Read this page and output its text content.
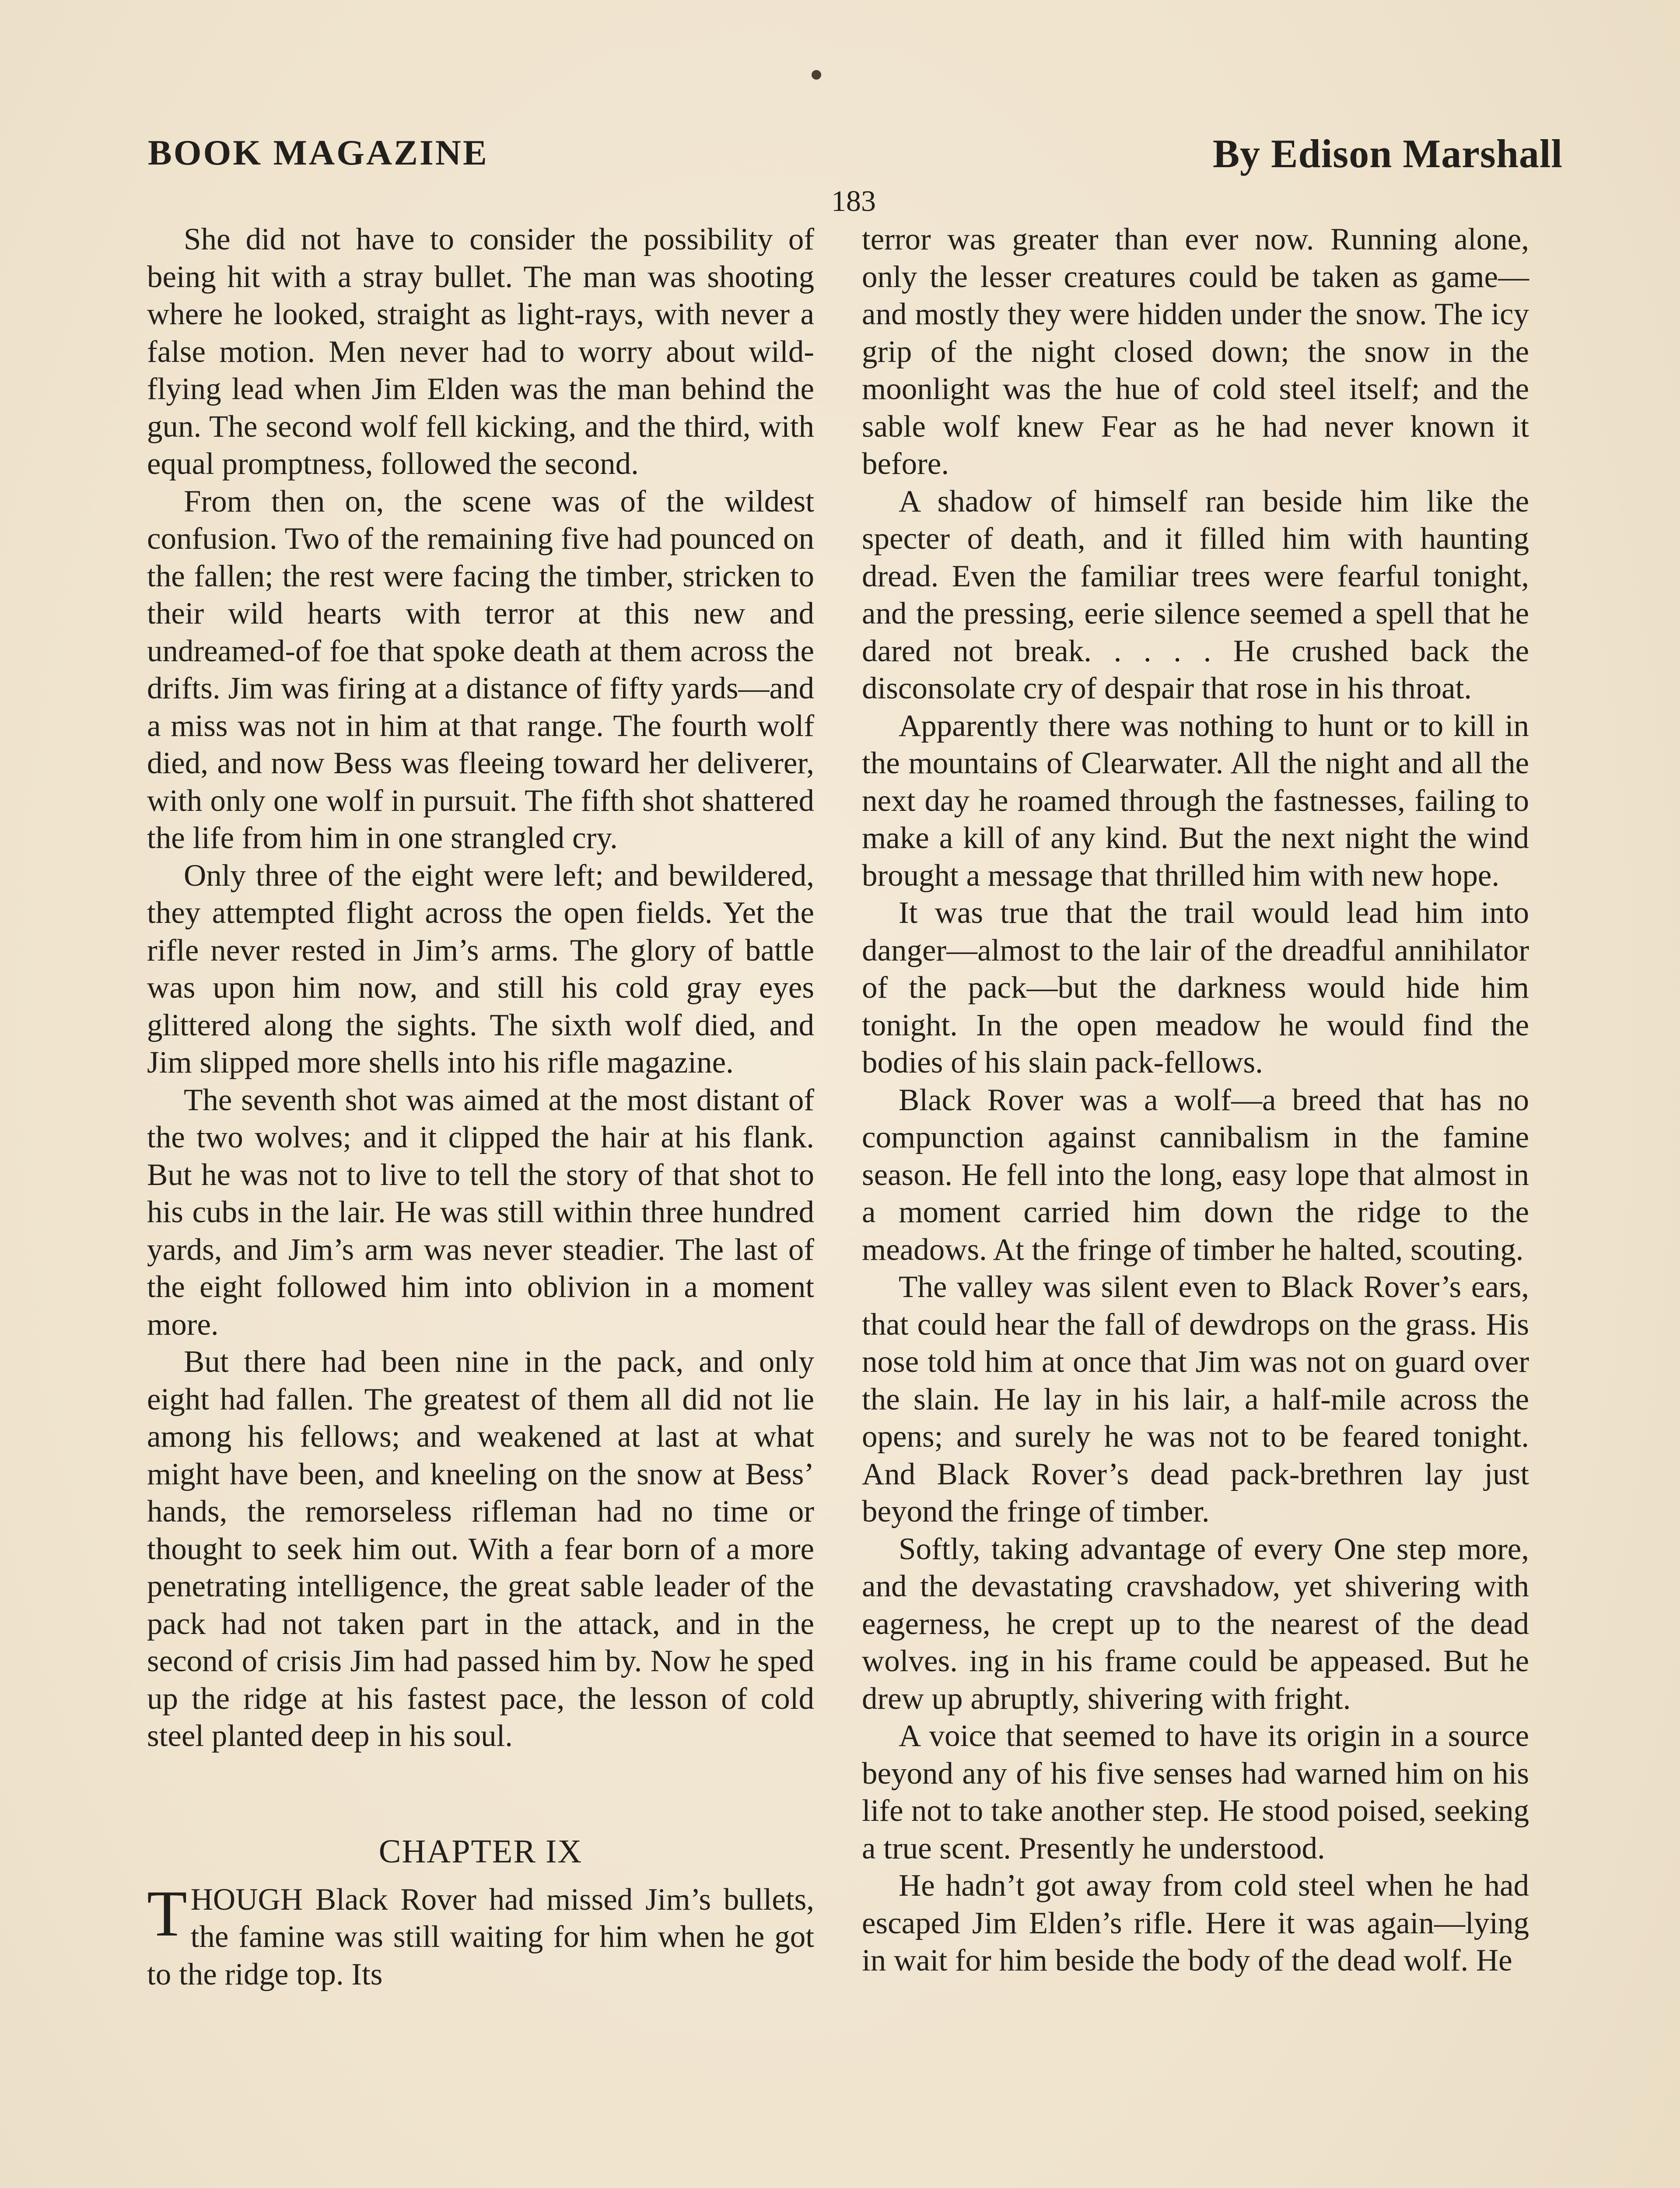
BOOK MAGAZINE	By Edison Marshall
183

She did not have to consider the possibility of being hit with a stray bullet. The man was shooting where he looked, straight as light-rays, with never a false motion. Men never had to worry about wild-flying lead when Jim Elden was the man behind the gun. The second wolf fell kicking, and the third, with equal promptness, followed the second.

From then on, the scene was of the wildest confusion. Two of the remaining five had pounced on the fallen; the rest were facing the timber, stricken to their wild hearts with terror at this new and undreamed-of foe that spoke death at them across the drifts. Jim was firing at a distance of fifty yards—and a miss was not in him at that range. The fourth wolf died, and now Bess was fleeing toward her deliverer, with only one wolf in pursuit. The fifth shot shattered the life from him in one strangled cry.

Only three of the eight were left; and bewildered, they attempted flight across the open fields. Yet the rifle never rested in Jim’s arms. The glory of battle was upon him now, and still his cold gray eyes glittered along the sights. The sixth wolf died, and Jim slipped more shells into his rifle magazine.

The seventh shot was aimed at the most distant of the two wolves; and it clipped the hair at his flank. But he was not to live to tell the story of that shot to his cubs in the lair. He was still within three hundred yards, and Jim’s arm was never steadier. The last of the eight followed him into oblivion in a moment more.

But there had been nine in the pack, and only eight had fallen. The greatest of them all did not lie among his fellows; and weakened at last at what might have been, and kneeling on the snow at Bess’ hands, the remorseless rifleman had no time or thought to seek him out. With a fear born of a more penetrating intelligence, the great sable leader of the pack had not taken part in the attack, and in the second of crisis Jim had passed him by. Now he sped up the ridge at his fastest pace, the lesson of cold steel planted deep in his soul.

CHAPTER IX

THOUGH Black Rover had missed Jim’s bullets, the famine was still waiting for him when he got to the ridge top. Its

terror was greater than ever now. Running alone, only the lesser creatures could be taken as game—and mostly they were hidden under the snow. The icy grip of the night closed down; the snow in the moonlight was the hue of cold steel itself; and the sable wolf knew Fear as he had never known it before.

A shadow of himself ran beside him like the specter of death, and it filled him with haunting dread. Even the familiar trees were fearful tonight, and the pressing, eerie silence seemed a spell that he dared not break. . . . . He crushed back the disconsolate cry of despair that rose in his throat.

Apparently there was nothing to hunt or to kill in the mountains of Clearwater. All the night and all the next day he roamed through the fastnesses, failing to make a kill of any kind. But the next night the wind brought a message that thrilled him with new hope.

It was true that the trail would lead him into danger—almost to the lair of the dreadful annihilator of the pack—but the darkness would hide him tonight. In the open meadow he would find the bodies of his slain pack-fellows.

Black Rover was a wolf—a breed that has no compunction against cannibalism in the famine season. He fell into the long, easy lope that almost in a moment carried him down the ridge to the meadows. At the fringe of timber he halted, scouting.

The valley was silent even to Black Rover’s ears, that could hear the fall of dewdrops on the grass. His nose told him at once that Jim was not on guard over the slain. He lay in his lair, a half-mile across the opens; and surely he was not to be feared tonight. And Black Rover’s dead pack-brethren lay just beyond the fringe of timber.

Softly, taking advantage of every One step more, and the devastating cravshadow, yet shivering with eagerness, he crept up to the nearest of the dead wolves. ing in his frame could be appeased. But he drew up abruptly, shivering with fright.

A voice that seemed to have its origin in a source beyond any of his five senses had warned him on his life not to take another step. He stood poised, seeking a true scent. Presently he understood.

He hadn’t got away from cold steel when he had escaped Jim Elden’s rifle. Here it was again—lying in wait for him beside the body of the dead wolf. He
